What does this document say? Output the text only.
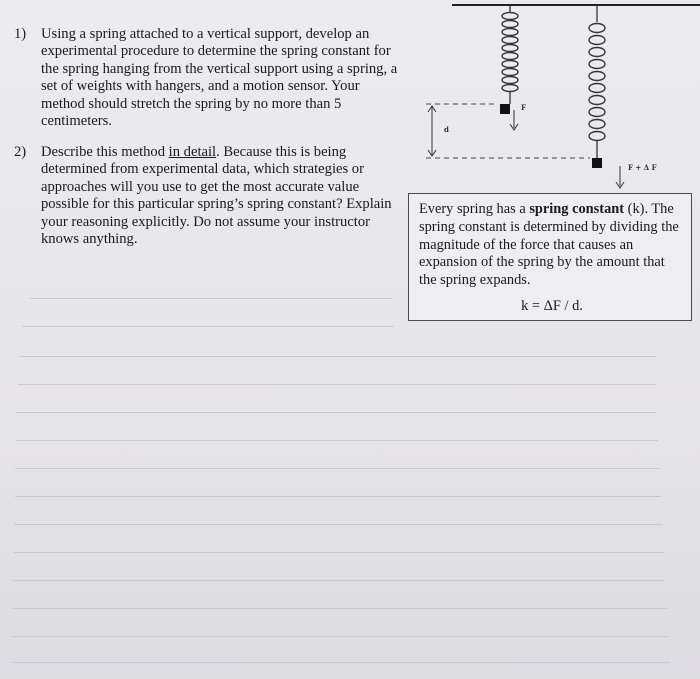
1) Using a spring attached to a vertical support, develop an experimental procedure to determine the spring constant for the spring hanging from the vertical support using a spring, a set of weights with hangers, and a motion sensor. Your method should stretch the spring by no more than 5 centimeters.
2) Describe this method in detail. Because this is being determined from experimental data, which strategies or approaches will you use to get the most accurate value possible for this particular spring’s spring constant? Explain your reasoning explicitly. Do not assume your instructor knows anything.
F
F + Δ F
d
Every spring has a spring constant (k). The spring constant is determined by dividing the magnitude of the force that causes an expansion of the spring by the amount that the spring expands.
k = ΔF / d.
